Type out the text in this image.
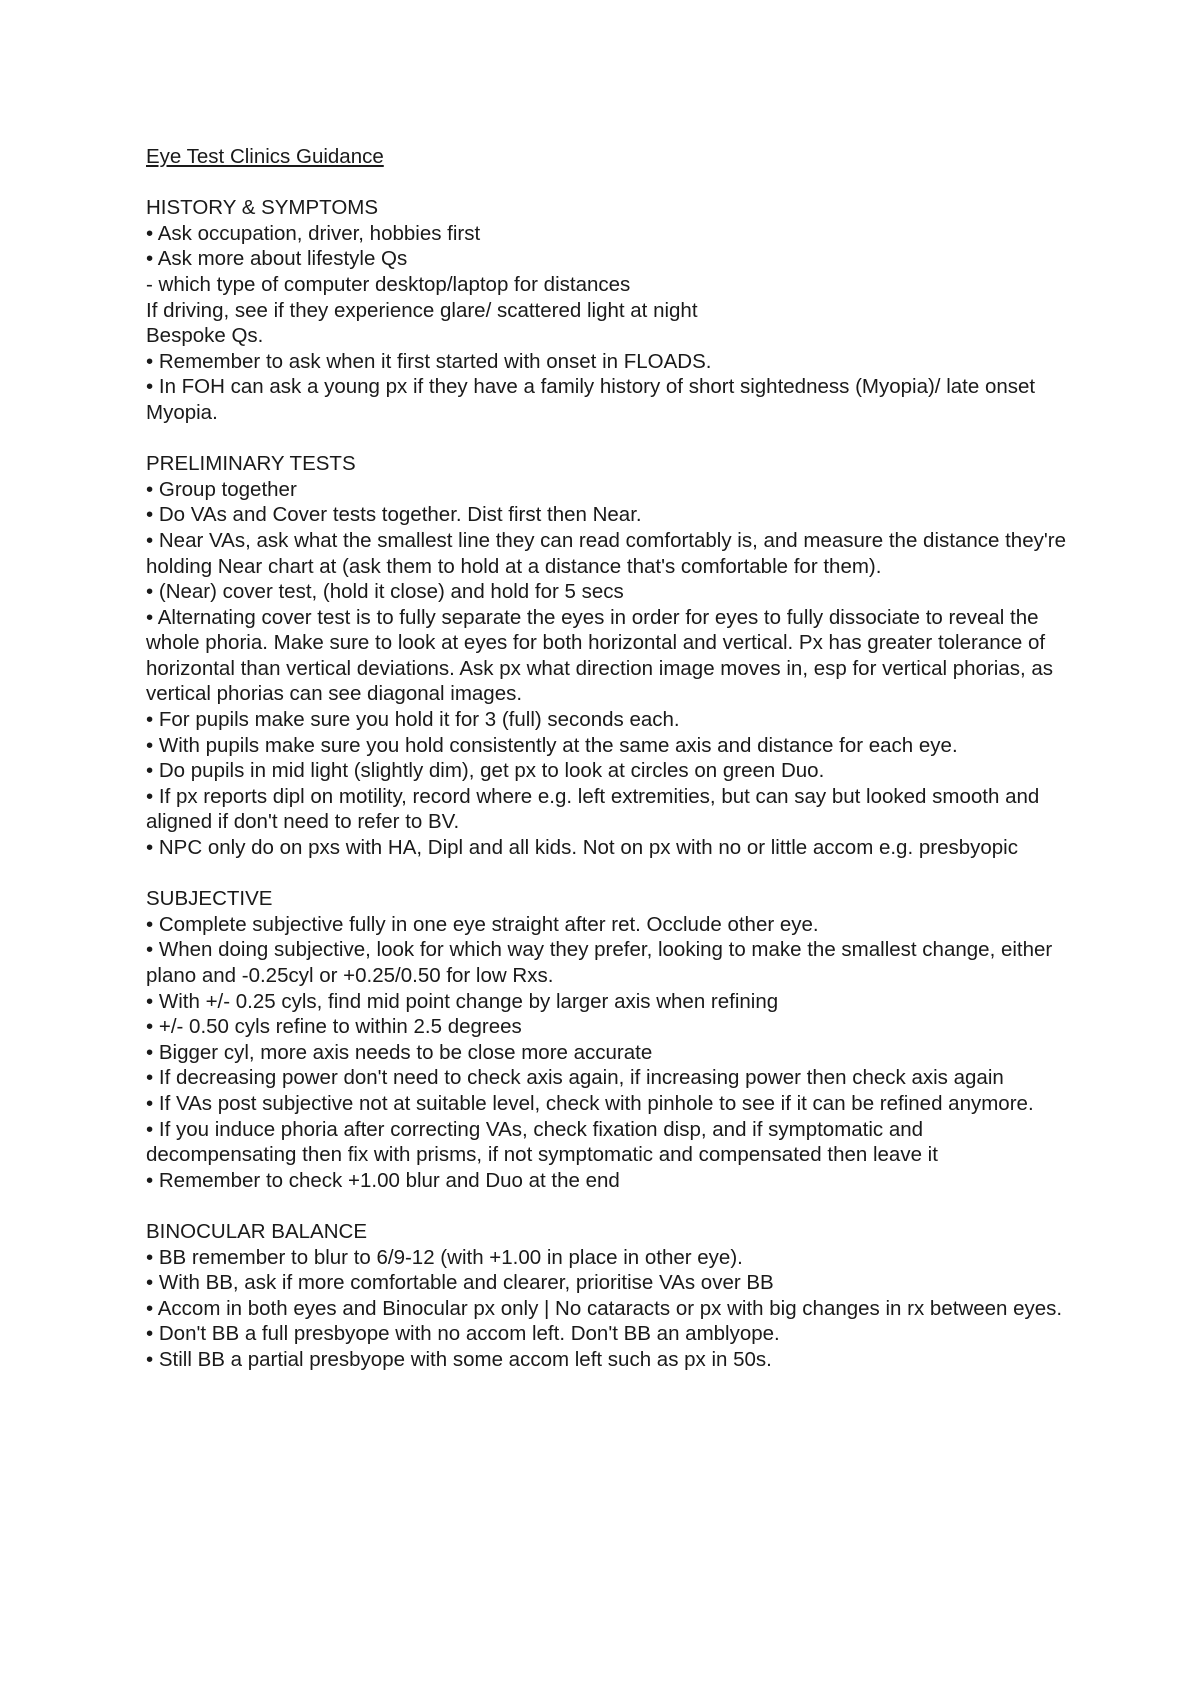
Eye Test Clinics Guidance

HISTORY & SYMPTOMS

• Ask occupation, driver, hobbies first

• Ask more about lifestyle Qs

- which type of computer desktop/laptop for distances

If driving, see if they experience glare/ scattered light at night

Bespoke Qs.

• Remember to ask when it first started with onset in FLOADS.

• In FOH can ask a young px if they have a family history of short sightedness (Myopia)/ late onset Myopia.

PRELIMINARY TESTS

• Group together

• Do VAs and Cover tests together. Dist first then Near.

• Near VAs, ask what the smallest line they can read comfortably is, and measure the distance they're holding Near chart at (ask them to hold at a distance that's comfortable for them).

• (Near) cover test, (hold it close) and hold for 5 secs

• Alternating cover test is to fully separate the eyes in order for eyes to fully dissociate to reveal the whole phoria. Make sure to look at eyes for both horizontal and vertical. Px has greater tolerance of horizontal than vertical deviations. Ask px what direction image moves in, esp for vertical phorias, as vertical phorias can see diagonal images.

• For pupils make sure you hold it for 3 (full) seconds each.

• With pupils make sure you hold consistently at the same axis and distance for each eye.

• Do pupils in mid light (slightly dim), get px to look at circles on green Duo.

• If px reports dipl on motility, record where e.g. left extremities, but can say but looked smooth and aligned if don't need to refer to BV.

• NPC only do on pxs with HA, Dipl and all kids. Not on px with no or little accom e.g. presbyopic

SUBJECTIVE

• Complete subjective fully in one eye straight after ret. Occlude other eye.

• When doing subjective, look for which way they prefer, looking to make the smallest change, either plano and -0.25cyl or +0.25/0.50 for low Rxs.

• With +/- 0.25 cyls, find mid point change by larger axis when refining

• +/- 0.50 cyls refine to within 2.5 degrees

• Bigger cyl, more axis needs to be close more accurate

• If decreasing power don't need to check axis again, if increasing power then check axis again

• If VAs post subjective not at suitable level, check with pinhole to see if it can be refined anymore.

• If you induce phoria after correcting VAs, check fixation disp, and if symptomatic and decompensating then fix with prisms, if not symptomatic and compensated then leave it

• Remember to check +1.00 blur and Duo at the end

BINOCULAR BALANCE

• BB remember to blur to 6/9-12 (with +1.00 in place in other eye).

• With BB, ask if more comfortable and clearer, prioritise VAs over BB

• Accom in both eyes and Binocular px only | No cataracts or px with big changes in rx between eyes.

• Don't BB a full presbyope with no accom left. Don't BB an amblyope.

• Still BB a partial presbyope with some accom left such as px in 50s.
